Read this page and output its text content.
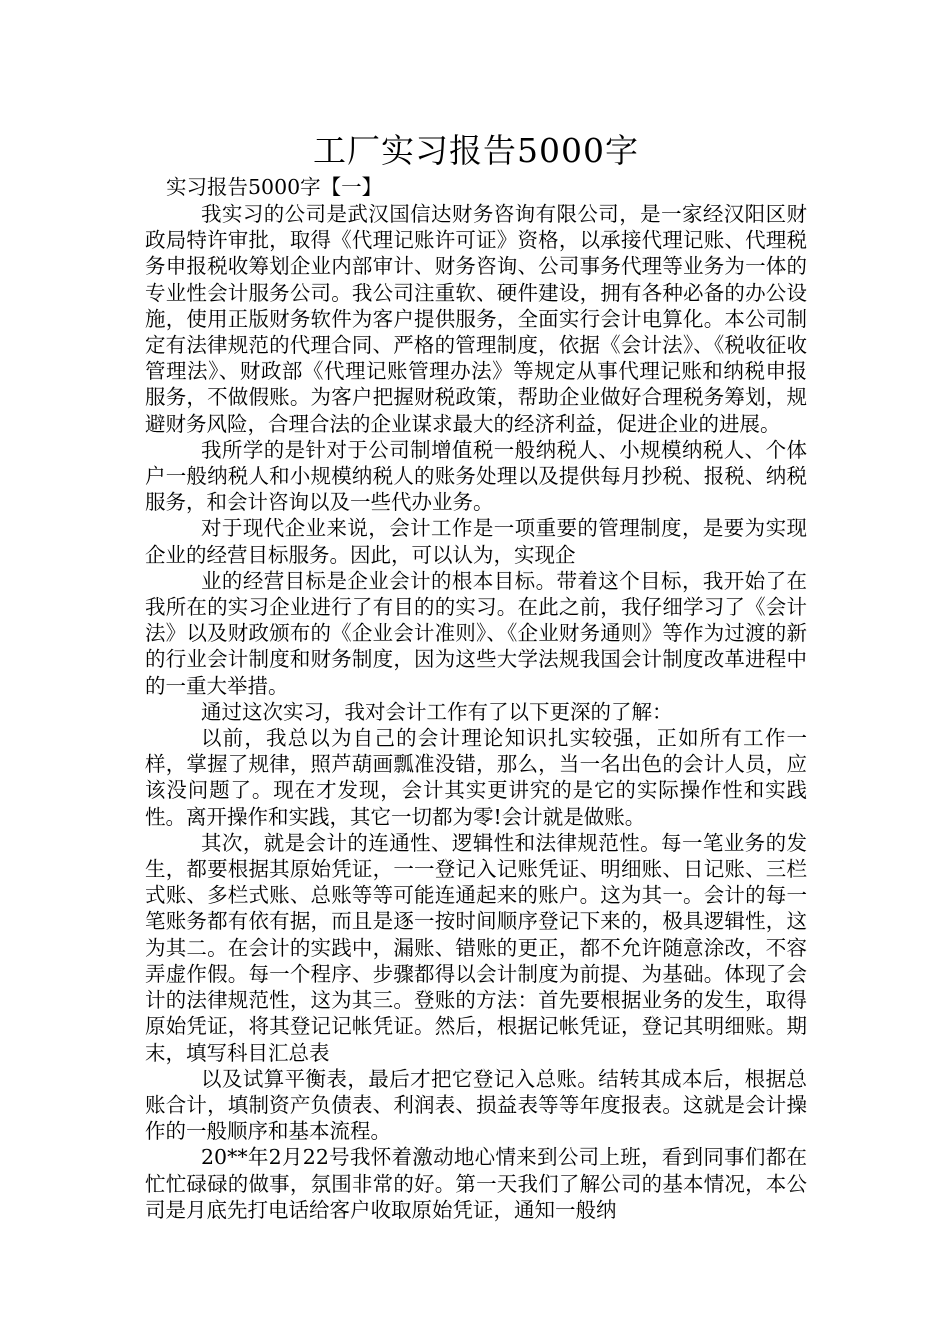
工厂实习报告5000字

实习报告5000字【一】

我实习的公司是武汉国信达财务咨询有限公司，是一家经汉阳区财政局特许审批，取得《代理记账许可证》资格，以承接代理记账、代理税务申报税收筹划企业内部审计、财务咨询、公司事务代理等业务为一体的专业性会计服务公司。我公司注重软、硬件建设，拥有各种必备的办公设施，使用正版财务软件为客户提供服务，全面实行会计电算化。本公司制定有法律规范的代理合同、严格的管理制度，依据《会计法》、《税收征收管理法》、财政部《代理记账管理办法》等规定从事代理记账和纳税申报服务，不做假账。为客户把握财税政策，帮助企业做好合理税务筹划，规避财务风险，合理合法的企业谋求最大的经济利益，促进企业的进展。

我所学的是针对于公司制增值税一般纳税人、小规模纳税人、个体户一般纳税人和小规模纳税人的账务处理以及提供每月抄税、报税、纳税服务，和会计咨询以及一些代办业务。

对于现代企业来说，会计工作是一项重要的管理制度，是要为实现企业的经营目标服务。因此，可以认为，实现企

业的经营目标是企业会计的根本目标。带着这个目标，我开始了在我所在的实习企业进行了有目的的实习。在此之前，我仔细学习了《会计法》以及财政颁布的《企业会计准则》、《企业财务通则》等作为过渡的新的行业会计制度和财务制度，因为这些大学法规我国会计制度改革进程中的一重大举措。

通过这次实习，我对会计工作有了以下更深的了解：

以前，我总以为自己的会计理论知识扎实较强，正如所有工作一样，掌握了规律，照芦葫画瓢准没错，那么，当一名出色的会计人员，应该没问题了。现在才发现，会计其实更讲究的是它的实际操作性和实践性。离开操作和实践，其它一切都为零!会计就是做账。

其次，就是会计的连通性、逻辑性和法律规范性。每一笔业务的发生，都要根据其原始凭证，一一登记入记账凭证、明细账、日记账、三栏式账、多栏式账、总账等等可能连通起来的账户。这为其一。会计的每一笔账务都有依有据，而且是逐一按时间顺序登记下来的，极具逻辑性，这为其二。在会计的实践中，漏账、错账的更正，都不允许随意涂改，不容弄虚作假。每一个程序、步骤都得以会计制度为前提、为基础。体现了会计的法律规范性，这为其三。登账的方法：首先要根据业务的发生，取得原始凭证，将其登记记帐凭证。然后，根据记帐凭证，登记其明细账。期末，填写科目汇总表

以及试算平衡表，最后才把它登记入总账。结转其成本后，根据总账合计，填制资产负债表、利润表、损益表等等年度报表。这就是会计操作的一般顺序和基本流程。

20**年2月22号我怀着激动地心情来到公司上班，看到同事们都在忙忙碌碌的做事，氛围非常的好。第一天我们了解公司的基本情况，本公司是月底先打电话给客户收取原始凭证，通知一般纳
